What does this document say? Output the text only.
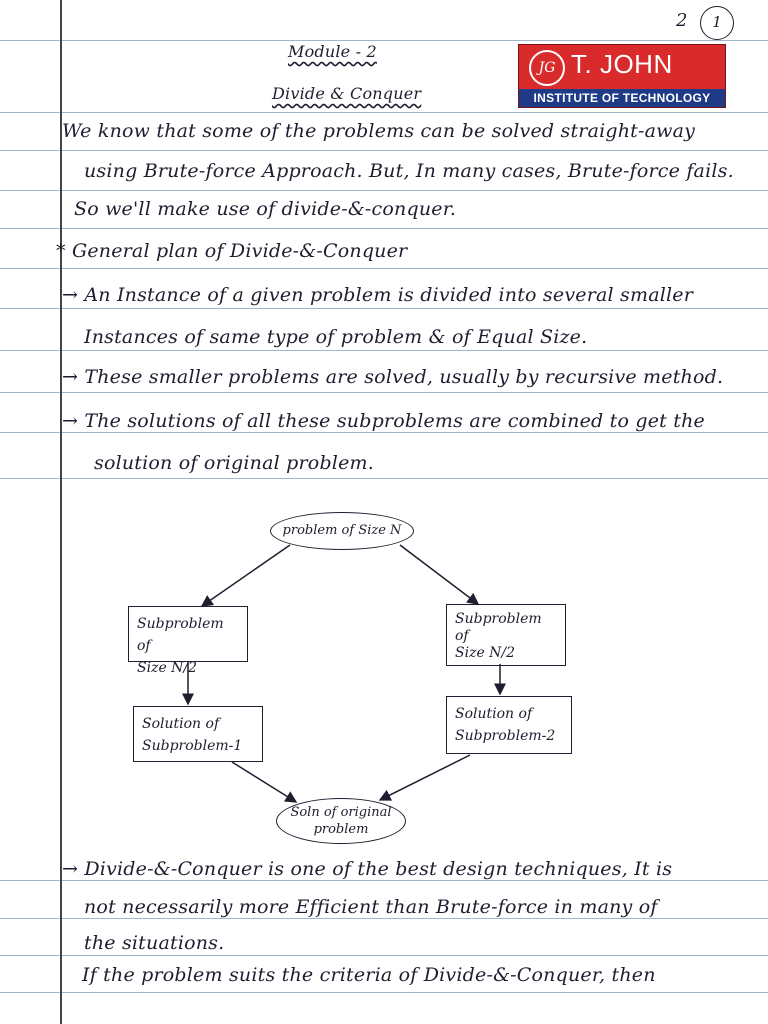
2	1
JG T. JOHN
INSTITUTE OF TECHNOLOGY
Module - 2
Divide & Conquer
We know that some of the problems can be solved straight-away
using Brute-force Approach. But, In many cases, Brute-force fails.
So we'll make use of divide-&-conquer.
* General plan of Divide-&-Conquer
→ An Instance of a given problem is divided into several smaller
Instances of same type of problem & of Equal Size.
→ These smaller problems are solved, usually by recursive method.
→ The solutions of all these subproblems are combined to get the
solution of original problem.
problem of Size N
Subproblem of
Size N/2
Subproblem
of
Size N/2
Solution of
Subproblem-1
Solution of
Subproblem-2
Soln of original
problem
→ Divide-&-Conquer is one of the best design techniques, It is
not necessarily more Efficient than Brute-force in many of
the situations.
If the problem suits the criteria of Divide-&-Conquer, then
